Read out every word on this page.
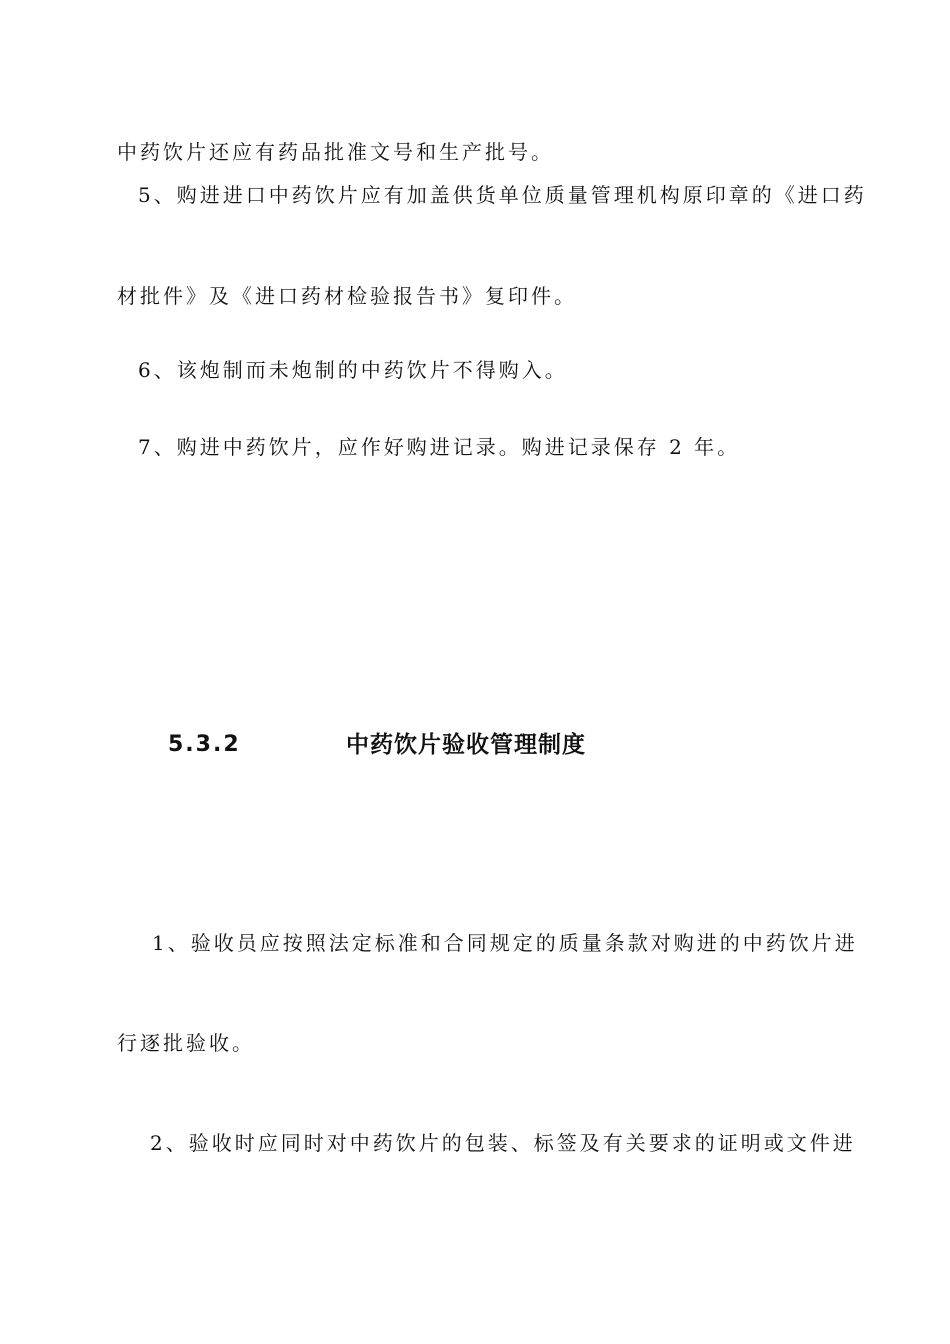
中药饮片还应有药品批准文号和生产批号。
5、购进进口中药饮片应有加盖供货单位质量管理机构原印章的《进口药
材批件》及《进口药材检验报告书》复印件。
6、该炮制而未炮制的中药饮片不得购入。
7、购进中药饮片，应作好购进记录。购进记录保存 2 年。
5.3.2	中药饮片验收管理制度
1、验收员应按照法定标准和合同规定的质量条款对购进的中药饮片进
行逐批验收。
2、验收时应同时对中药饮片的包装、标签及有关要求的证明或文件进
